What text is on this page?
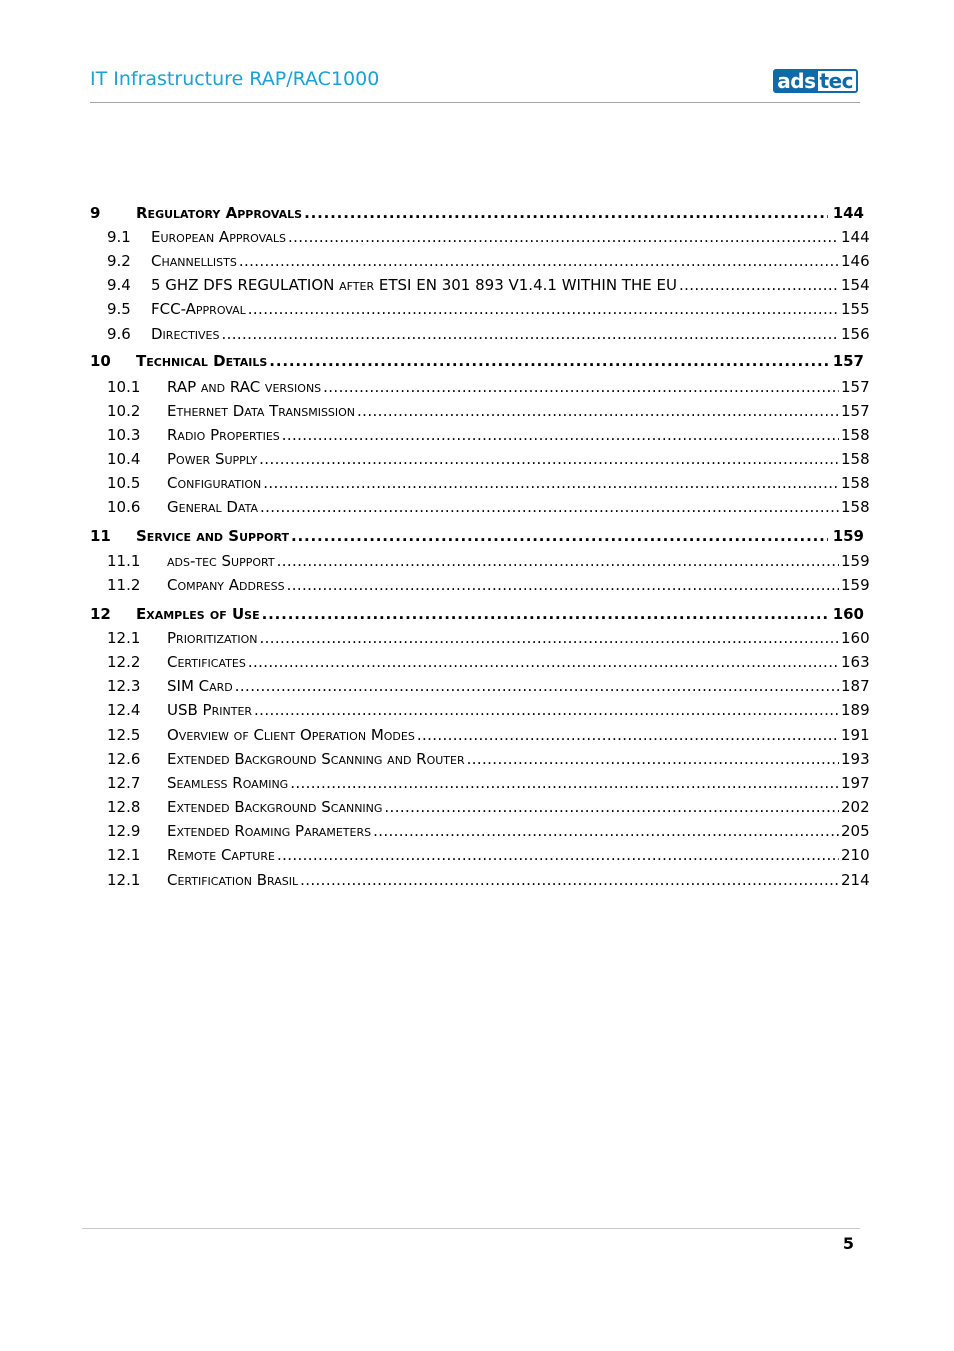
IT Infrastructure RAP/RAC1000	ads tec
9	Regulatory Approvals . . .	144
9.1	European Approvals . . .	144
9.2	Channellists . . .	146
9.4	5 GHZ DFS REGULATION after ETSI EN 301 893 V1.4.1 WITHIN THE EU . . .	154
9.5	FCC-Approval . . .	155
9.6	Directives . . .	156
10	Technical Details . . .	157
10.1	RAP and RAC versions . . .	157
10.2	Ethernet Data Transmission . . .	157
10.3	Radio Properties . . .	158
10.4	Power Supply . . .	158
10.5	Configuration . . .	158
10.6	General Data . . .	158
11	Service and Support . . .	159
11.1	ads-tec Support . . .	159
11.2	Company Address . . .	159
12	Examples of Use . . .	160
12.1	Prioritization . . .	160
12.2	Certificates . . .	163
12.3	SIM Card . . .	187
12.4	USB Printer . . .	189
12.5	Overview of Client Operation Modes . . .	191
12.6	Extended Background Scanning and Router . . .	193
12.7	Seamless Roaming . . .	197
12.8	Extended Background Scanning . . .	202
12.9	Extended Roaming Parameters . . .	205
12.1	Remote Capture . . .	210
12.1	Certification Brasil . . .	214
5
